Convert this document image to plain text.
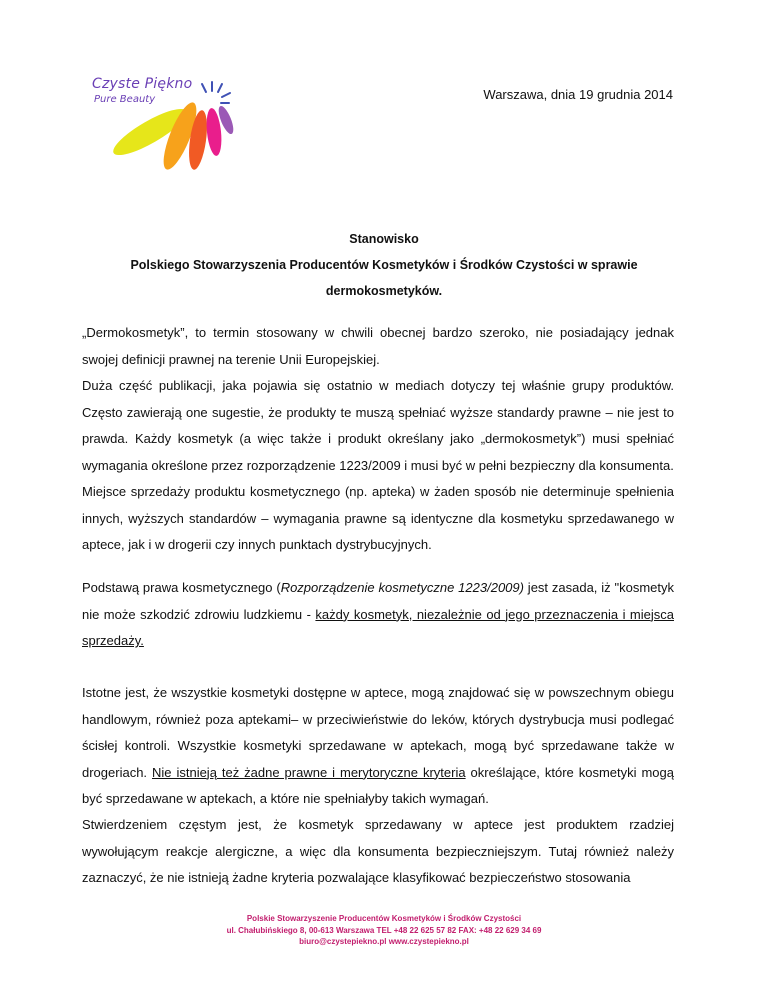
Czyste Piękno
Pure Beauty	Warszawa, dnia 19 grudnia 2014
Stanowisko
Polskiego Stowarzyszenia Producentów Kosmetyków i Środków Czystości w sprawie
dermokosmetyków.

„Dermokosmetyk”, to termin stosowany w chwili obecnej bardzo szeroko, nie posiadający jednak swojej definicji prawnej na terenie Unii Europejskiej.

Duża część publikacji, jaka pojawia się ostatnio w mediach dotyczy tej właśnie grupy produktów. Często zawierają one sugestie, że produkty te muszą spełniać wyższe standardy prawne – nie jest to prawda. Każdy kosmetyk (a więc także i produkt określany jako „dermokosmetyk”) musi spełniać wymagania określone przez rozporządzenie 1223/2009 i musi być w pełni bezpieczny dla konsumenta.

Miejsce sprzedaży produktu kosmetycznego (np. apteka) w żaden sposób nie determinuje spełnienia innych, wyższych standardów – wymagania prawne są identyczne dla kosmetyku sprzedawanego w aptece, jak i w drogerii czy innych punktach dystrybucyjnych.

Podstawą prawa kosmetycznego (Rozporządzenie kosmetyczne 1223/2009) jest zasada, iż "kosmetyk nie może szkodzić zdrowiu ludzkiemu - każdy kosmetyk, niezależnie od jego przeznaczenia i miejsca sprzedaży.

Istotne jest, że wszystkie kosmetyki dostępne w aptece, mogą znajdować się w powszechnym obiegu handlowym, również poza aptekami– w przeciwieństwie do leków, których dystrybucja musi podlegać ścisłej kontroli. Wszystkie kosmetyki sprzedawane w aptekach, mogą być sprzedawane także w drogeriach. Nie istnieją też żadne prawne i merytoryczne kryteria określające, które kosmetyki mogą być sprzedawane w aptekach, a które nie spełniałyby takich wymagań.

Stwierdzeniem częstym jest, że kosmetyk sprzedawany w aptece jest produktem rzadziej wywołującym reakcje alergiczne, a więc dla konsumenta bezpieczniejszym. Tutaj również należy zaznaczyć, że nie istnieją żadne kryteria pozwalające klasyfikować bezpieczeństwo stosowania

Polskie Stowarzyszenie Producentów Kosmetyków i Środków Czystości
ul. Chałubińskiego 8, 00-613 Warszawa TEL +48 22 625 57 82 FAX: +48 22 629 34 69
biuro@czystepiekno.pl www.czystepiekno.pl
